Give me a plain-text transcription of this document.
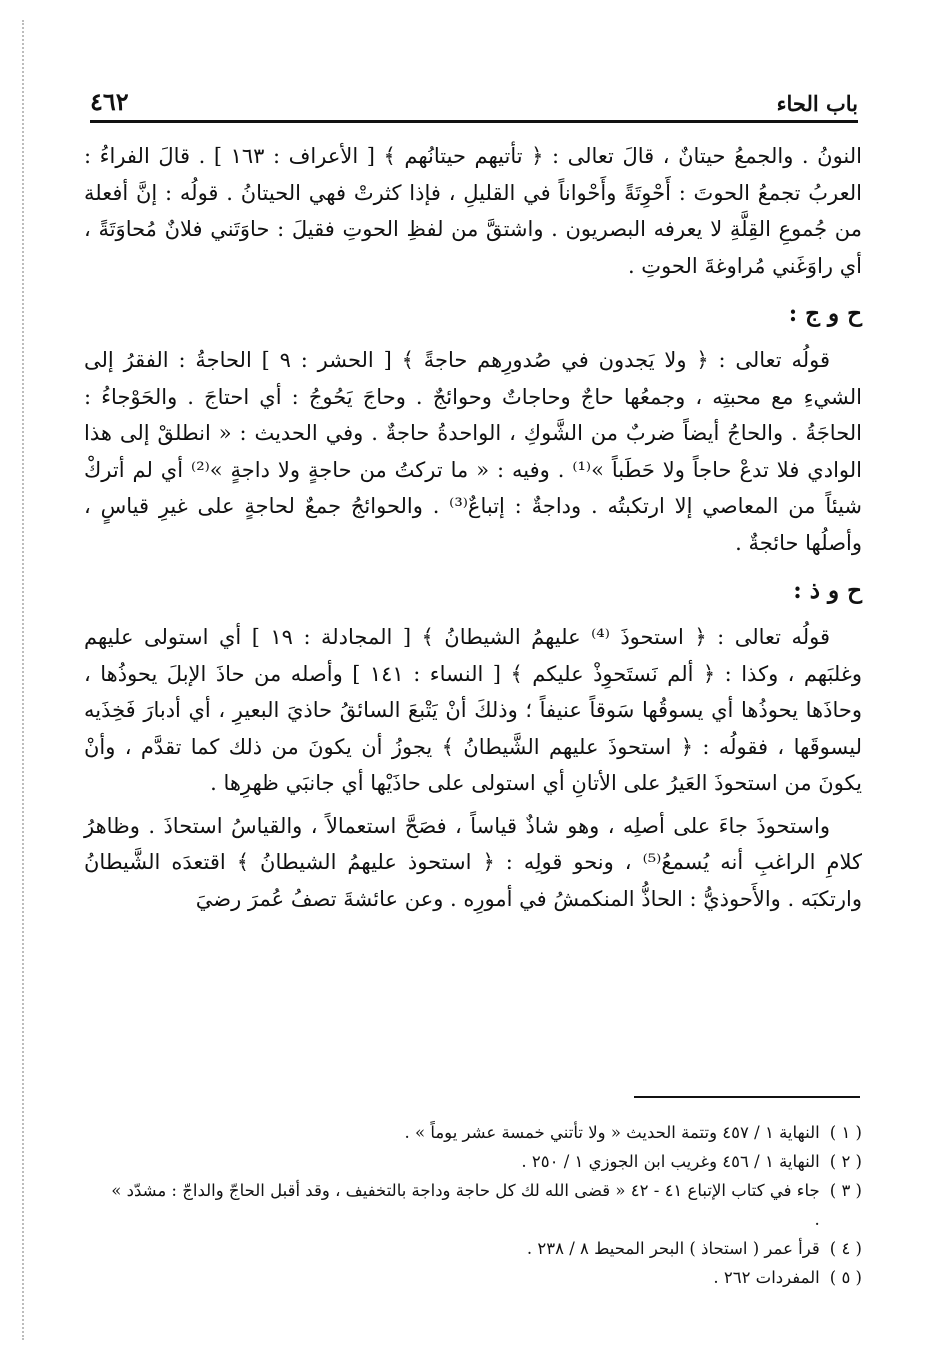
باب الحاء
٤٦٢

النونُ . والجمعُ حيتانٌ ، قالَ تعالى : ﴿ تأتيهم حيتانُهم ﴾ [ الأعراف : ١٦٣ ] . قالَ الفراءُ : العربُ تجمعُ الحوتَ : أَحْوِتَةً وأَحْواناً في القليلِ ، فإذا كثرتْ فهي الحيتانُ . قولُه : إنَّ أفعلة من جُموعِ القِلَّةِ لا يعرفه البصريون . واشتقَّ من لفظِ الحوتِ فقيلَ : حاوَتَني فلانٌ مُحاوَتَةً ، أي راوَغَني مُراوغةَ الحوتِ .

ح و ج :

قولُه تعالى : ﴿ ولا يَجدون في صُدورِهم حاجةً ﴾ [ الحشر : ٩ ] الحاجةُ : الفقرُ إلى الشيءِ مع محبتِه ، وجمعُها حاجٌ وحاجاتٌ وحوائجٌ . وحاجَ يَحُوجُ : أي احتاجَ . والحَوْجاءُ : الحاجَةُ . والحاجُ أيضاً ضربٌ من الشَّوكِ ، الواحدةُ حاجةٌ . وفي الحديث : « انطلقْ إلى هذا الوادي فلا تدعْ حاجاً ولا حَطَباً »⁽¹⁾ . وفيه : « ما تركتُ من حاجةٍ ولا داجةٍ »⁽²⁾ أي لم أتركْ شيئاً من المعاصي إلا ارتكبتُه . وداجةٌ : إتباعٌ⁽³⁾ . والحوائجُ جمعٌ لحاجةٍ على غيرِ قياسٍ ، وأصلُها حائجةٌ .

ح و ذ :

قولُه تعالى : ﴿ استحوذَ ⁽⁴⁾ عليهمُ الشيطانُ ﴾ [ المجادلة : ١٩ ] أي استولى عليهم وغلبَهم ، وكذا : ﴿ ألم نَستَحوِذْ عليكم ﴾ [ النساء : ١٤١ ] وأصله من حاذَ الإبلَ يحوذُها ، وحاذَها يحوذُها أي يسوقُها سَوقاً عنيفاً ؛ وذلكَ أنْ يَتْبعَ السائقُ حاذيَ البعيرِ ، أي أدبارَ فَخِذَيه ليسوقَها ، فقولُه : ﴿ استحوذَ عليهم الشَّيطانُ ﴾ يجوزُ أن يكونَ من ذلك كما تقدَّم ، وأنْ يكونَ من استحوذَ العَيرُ على الأتانِ أي استولى على حاذَيْها أي جانبَي ظهرِها .

واستحوذَ جاءَ على أصلِه ، وهو شاذٌ قياساً ، فصَحَّ استعمالاً ، والقياسُ استحاذَ . وظاهرُ كلامِ الراغبِ أنه يُسمعُ⁽⁵⁾ ، ونحو قولِه : ﴿ استحوذ عليهمُ الشيطانُ ﴾ اقتعدَه الشَّيطانُ وارتكبَه . والأَحوذيُّ : الحاذُّ المنكمشُ في أمورِه . وعن عائشةَ تصفُ عُمرَ رضيَ

( ١ )
النهاية ١ / ٤٥٧ وتتمة الحديث « ولا تأتني خمسة عشر يوماً » .
( ٢ )
النهاية ١ / ٤٥٦ وغريب ابن الجوزي ١ / ٢٥٠ .
( ٣ )
جاء في كتاب الإتباع ٤١ - ٤٢ « قضى الله لك كل حاجة وداجة بالتخفيف ، وقد أقبل الحاجّ والداجّ : مشدّد » .
( ٤ )
قرأ عمر ( استحاذ ) البحر المحيط ٨ / ٢٣٨ .
( ٥ )
المفردات ٢٦٢ .
